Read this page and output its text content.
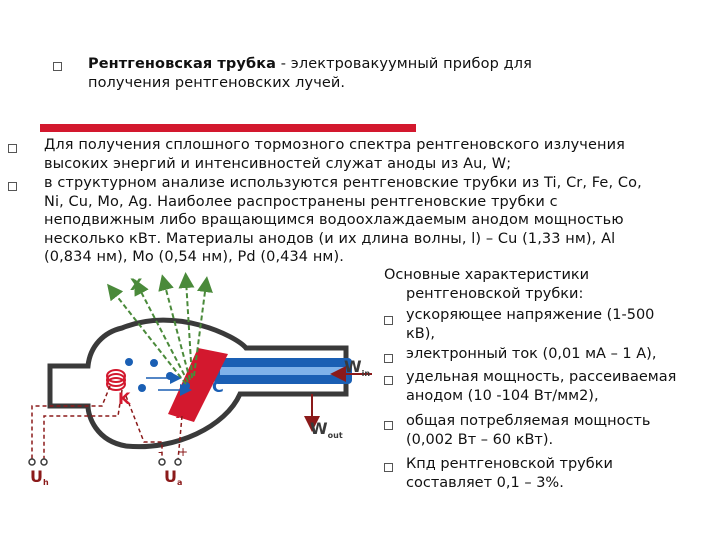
Рентгеновская трубка - электровакуумный прибор для
получения рентгеновских лучей.
Для получения сплошного тормозного спектра рентгеновского излучения
высоких энергий и интенсивностей служат аноды из Au, W;
в структурном анализе используются рентгеновские трубки из Ti, Cr, Fe, Co,
Ni, Cu, Mo, Ag. Наиболее распространены рентгеновские трубки с
неподвижным либо вращающимся водоохлаждаемым анодом мощностью
несколько кВт. Материалы анодов (и их длина волны, l) – Cu (1,33 нм), Al
(0,834 нм), Mo (0,54 нм), Pd (0,434 нм).
Основные характеристики
рентгеновской трубки:
ускоряющее напряжение (1-500
кВ),
электронный ток (0,01 мА – 1 А),
удельная мощность, рассеиваемая
анодом (10 -104 Вт/мм2),
общая потребляемая мощность
(0,002 Вт – 60 кВт).
Кпд рентгеновской трубки
составляет 0,1 – 3%.
X
K
A
C
$W_{in}$
$W_{out}$
Uh	Ua
- +
